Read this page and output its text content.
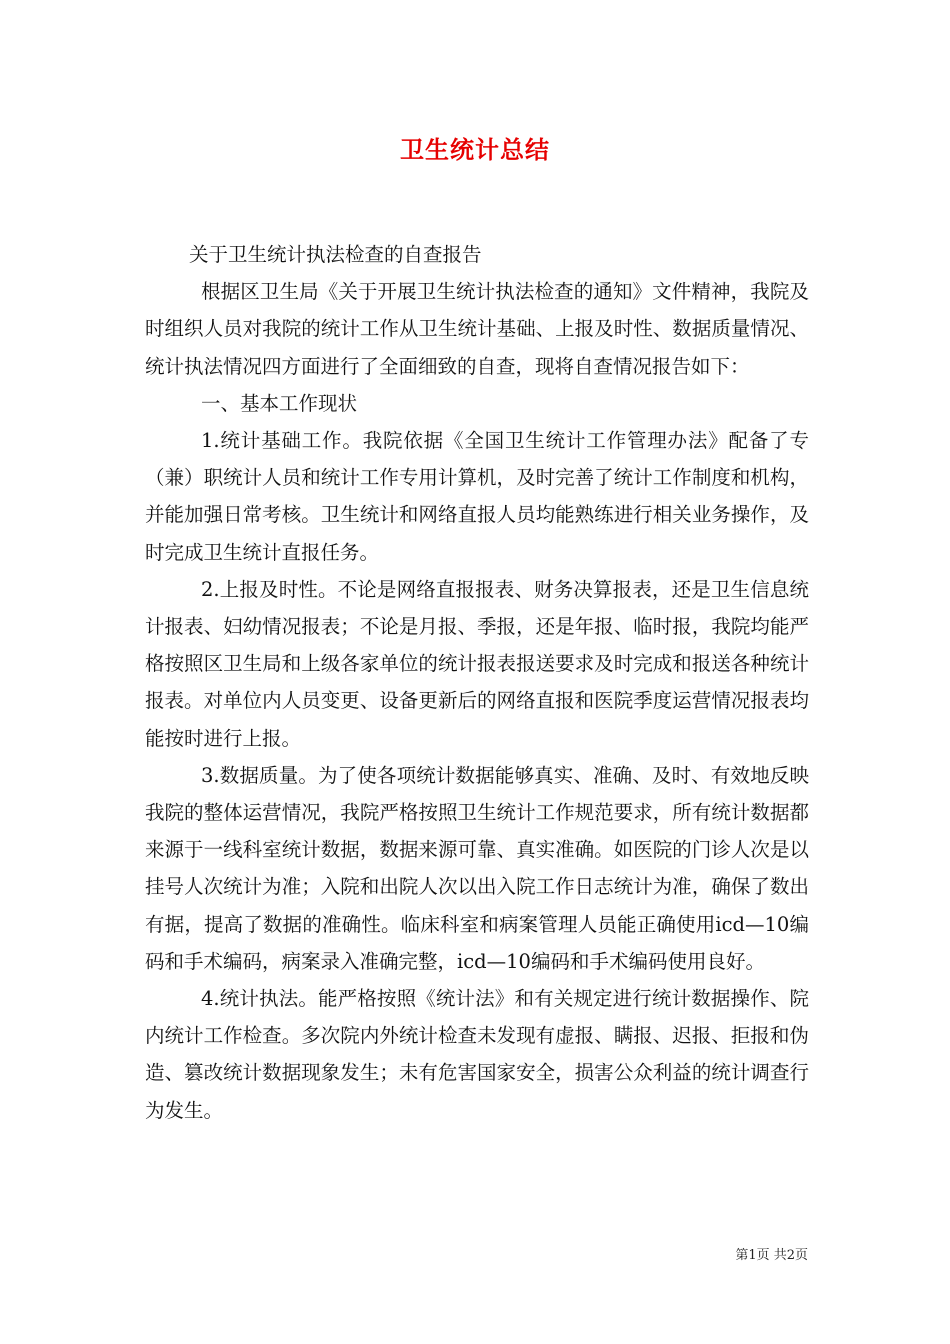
卫生统计总结

关于卫生统计执法检查的自查报告

根据区卫生局《关于开展卫生统计执法检查的通知》文件精神，我院及时组织人员对我院的统计工作从卫生统计基础、上报及时性、数据质量情况、统计执法情况四方面进行了全面细致的自查，现将自查情况报告如下：

一、基本工作现状

1.统计基础工作。我院依据《全国卫生统计工作管理办法》配备了专（兼）职统计人员和统计工作专用计算机，及时完善了统计工作制度和机构，并能加强日常考核。卫生统计和网络直报人员均能熟练进行相关业务操作，及时完成卫生统计直报任务。

2.上报及时性。不论是网络直报报表、财务决算报表，还是卫生信息统计报表、妇幼情况报表；不论是月报、季报，还是年报、临时报，我院均能严格按照区卫生局和上级各家单位的统计报表报送要求及时完成和报送各种统计报表。对单位内人员变更、设备更新后的网络直报和医院季度运营情况报表均能按时进行上报。

3.数据质量。为了使各项统计数据能够真实、准确、及时、有效地反映我院的整体运营情况，我院严格按照卫生统计工作规范要求，所有统计数据都来源于一线科室统计数据，数据来源可靠、真实准确。如医院的门诊人次是以挂号人次统计为准；入院和出院人次以出入院工作日志统计为准，确保了数出有据，提高了数据的准确性。临床科室和病案管理人员能正确使用icd—10编码和手术编码，病案录入准确完整，icd—10编码和手术编码使用良好。

4.统计执法。能严格按照《统计法》和有关规定进行统计数据操作、院内统计工作检查。多次院内外统计检查未发现有虚报、瞒报、迟报、拒报和伪造、篡改统计数据现象发生；未有危害国家安全，损害公众利益的统计调查行为发生。

第1页 共2页
